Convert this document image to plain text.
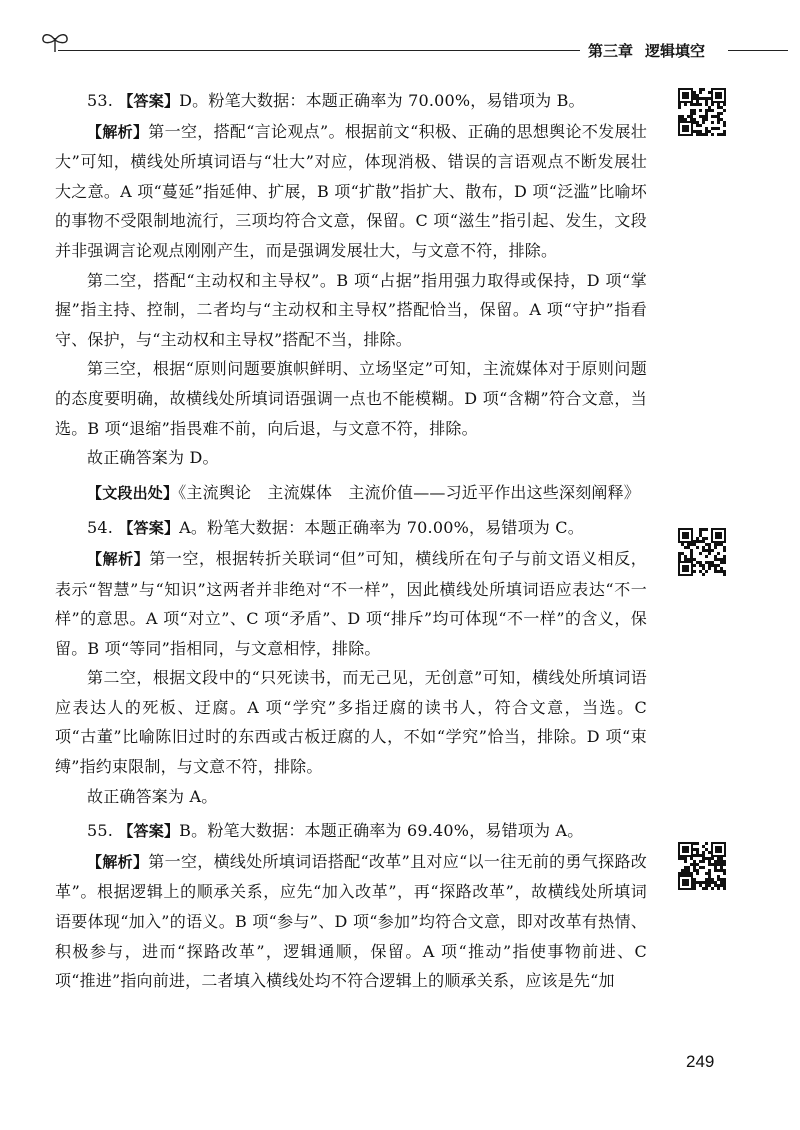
第三章 逻辑填空

53. 【答案】D。粉笔大数据：本题正确率为 70.00%，易错项为 B。

【解析】第一空，搭配“言论观点”。根据前文“积极、正确的思想舆论不发展壮大”可知，横线处所填词语与“壮大”对应，体现消极、错误的言语观点不断发展壮大之意。A 项“蔓延”指延伸、扩展，B 项“扩散”指扩大、散布，D 项“泛滥”比喻坏的事物不受限制地流行，三项均符合文意，保留。C 项“滋生”指引起、发生，文段并非强调言论观点刚刚产生，而是强调发展壮大，与文意不符，排除。

第二空，搭配“主动权和主导权”。B 项“占据”指用强力取得或保持，D 项“掌握”指主持、控制，二者均与“主动权和主导权”搭配恰当，保留。A 项“守护”指看守、保护，与“主动权和主导权”搭配不当，排除。

第三空，根据“原则问题要旗帜鲜明、立场坚定”可知，主流媒体对于原则问题的态度要明确，故横线处所填词语强调一点也不能模糊。D 项“含糊”符合文意，当选。B 项“退缩”指畏难不前，向后退，与文意不符，排除。

故正确答案为 D。

【文段出处】《主流舆论　主流媒体　主流价值——习近平作出这些深刻阐释》

54. 【答案】A。粉笔大数据：本题正确率为 70.00%，易错项为 C。

【解析】第一空，根据转折关联词“但”可知，横线所在句子与前文语义相反，表示“智慧”与“知识”这两者并非绝对“不一样”，因此横线处所填词语应表达“不一样”的意思。A 项“对立”、C 项“矛盾”、D 项“排斥”均可体现“不一样”的含义，保留。B 项“等同”指相同，与文意相悖，排除。

第二空，根据文段中的“只死读书，而无己见，无创意”可知，横线处所填词语应表达人的死板、迂腐。A 项“学究”多指迂腐的读书人，符合文意，当选。C 项“古董”比喻陈旧过时的东西或古板迂腐的人，不如“学究”恰当，排除。D 项“束缚”指约束限制，与文意不符，排除。

故正确答案为 A。

55. 【答案】B。粉笔大数据：本题正确率为 69.40%，易错项为 A。

【解析】第一空，横线处所填词语搭配“改革”且对应“以一往无前的勇气探路改革”。根据逻辑上的顺承关系，应先“加入改革”，再“探路改革”，故横线处所填词语要体现“加入”的语义。B 项“参与”、D 项“参加”均符合文意，即对改革有热情、积极参与，进而“探路改革”，逻辑通顺，保留。A 项“推动”指使事物前进、C 项“推进”指向前进，二者填入横线处均不符合逻辑上的顺承关系，应该是先“加

249
